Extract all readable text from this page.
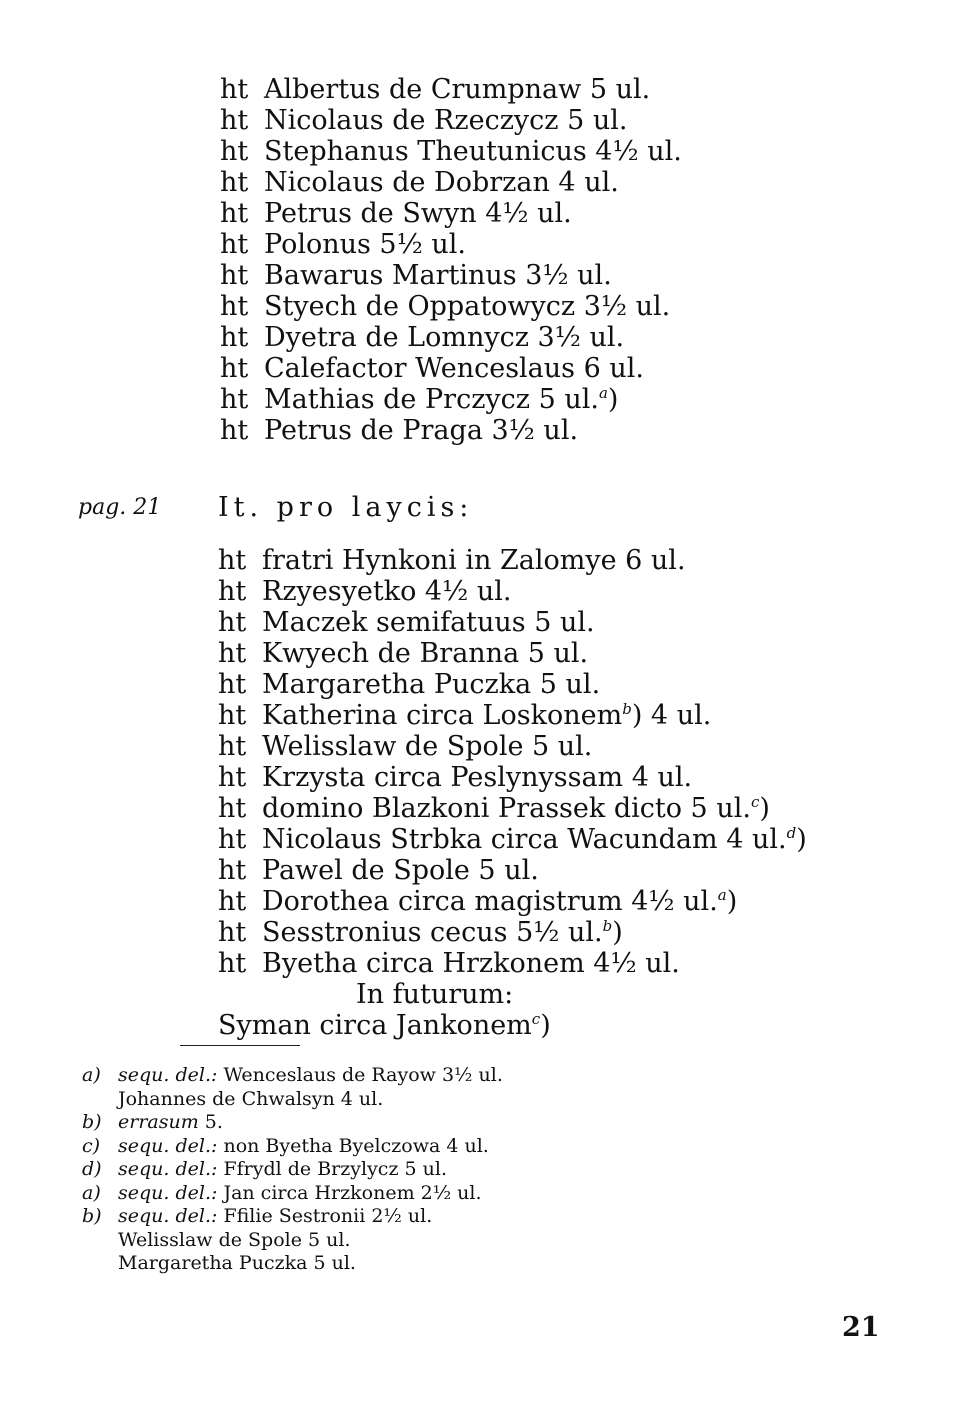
ht Albertus de Crumpnaw 5 ul.
ht Nicolaus de Rzeczycz 5 ul.
ht Stephanus Theutunicus 4½ ul.
ht Nicolaus de Dobrzan 4 ul.
ht Petrus de Swyn 4½ ul.
ht Polonus 5½ ul.
ht Bawarus Martinus 3½ ul.
ht Styech de Oppatowycz 3½ ul.
ht Dyetra de Lomnycz 3½ ul.
ht Calefactor Wenceslaus 6 ul.
ht Mathias de Prczycz 5 ul.$^a$)
ht Petrus de Praga 3½ ul.
pag. 21 It. pro laycis:
ht fratri Hynkoni in Zalomye 6 ul.
ht Rzyesyetko 4½ ul.
ht Maczek semifatuus 5 ul.
ht Kwyech de Branna 5 ul.
ht Margaretha Puczka 5 ul.
ht Katherina circa Loskonem$^b$) 4 ul.
ht Welisslaw de Spole 5 ul.
ht Krzysta circa Peslynyssam 4 ul.
ht domino Blazkoni Prassek dicto 5 ul.$^c$)
ht Nicolaus Strbka circa Wacundam 4 ul.$^d$)
ht Pawel de Spole 5 ul.
ht Dorothea circa magistrum 4½ ul.$^a$)
ht Sesstronius cecus 5½ ul.$^b$)
ht Byetha circa Hrzkonem 4½ ul.
In futurum:
Syman circa Jankonem$^c$)
a) sequ. del.: Wenceslaus de Rayow 3½ ul.
Johannes de Chwalsyn 4 ul.
b) errasum 5.
c) sequ. del.: non Byetha Byelczowa 4 ul.
d) sequ. del.: Ffrydl de Brzylycz 5 ul.
a) sequ. del.: Jan circa Hrzkonem 2½ ul.
b) sequ. del.: Ffilie Sestronii 2½ ul.
Welisslaw de Spole 5 ul.
Margaretha Puczka 5 ul.
21
